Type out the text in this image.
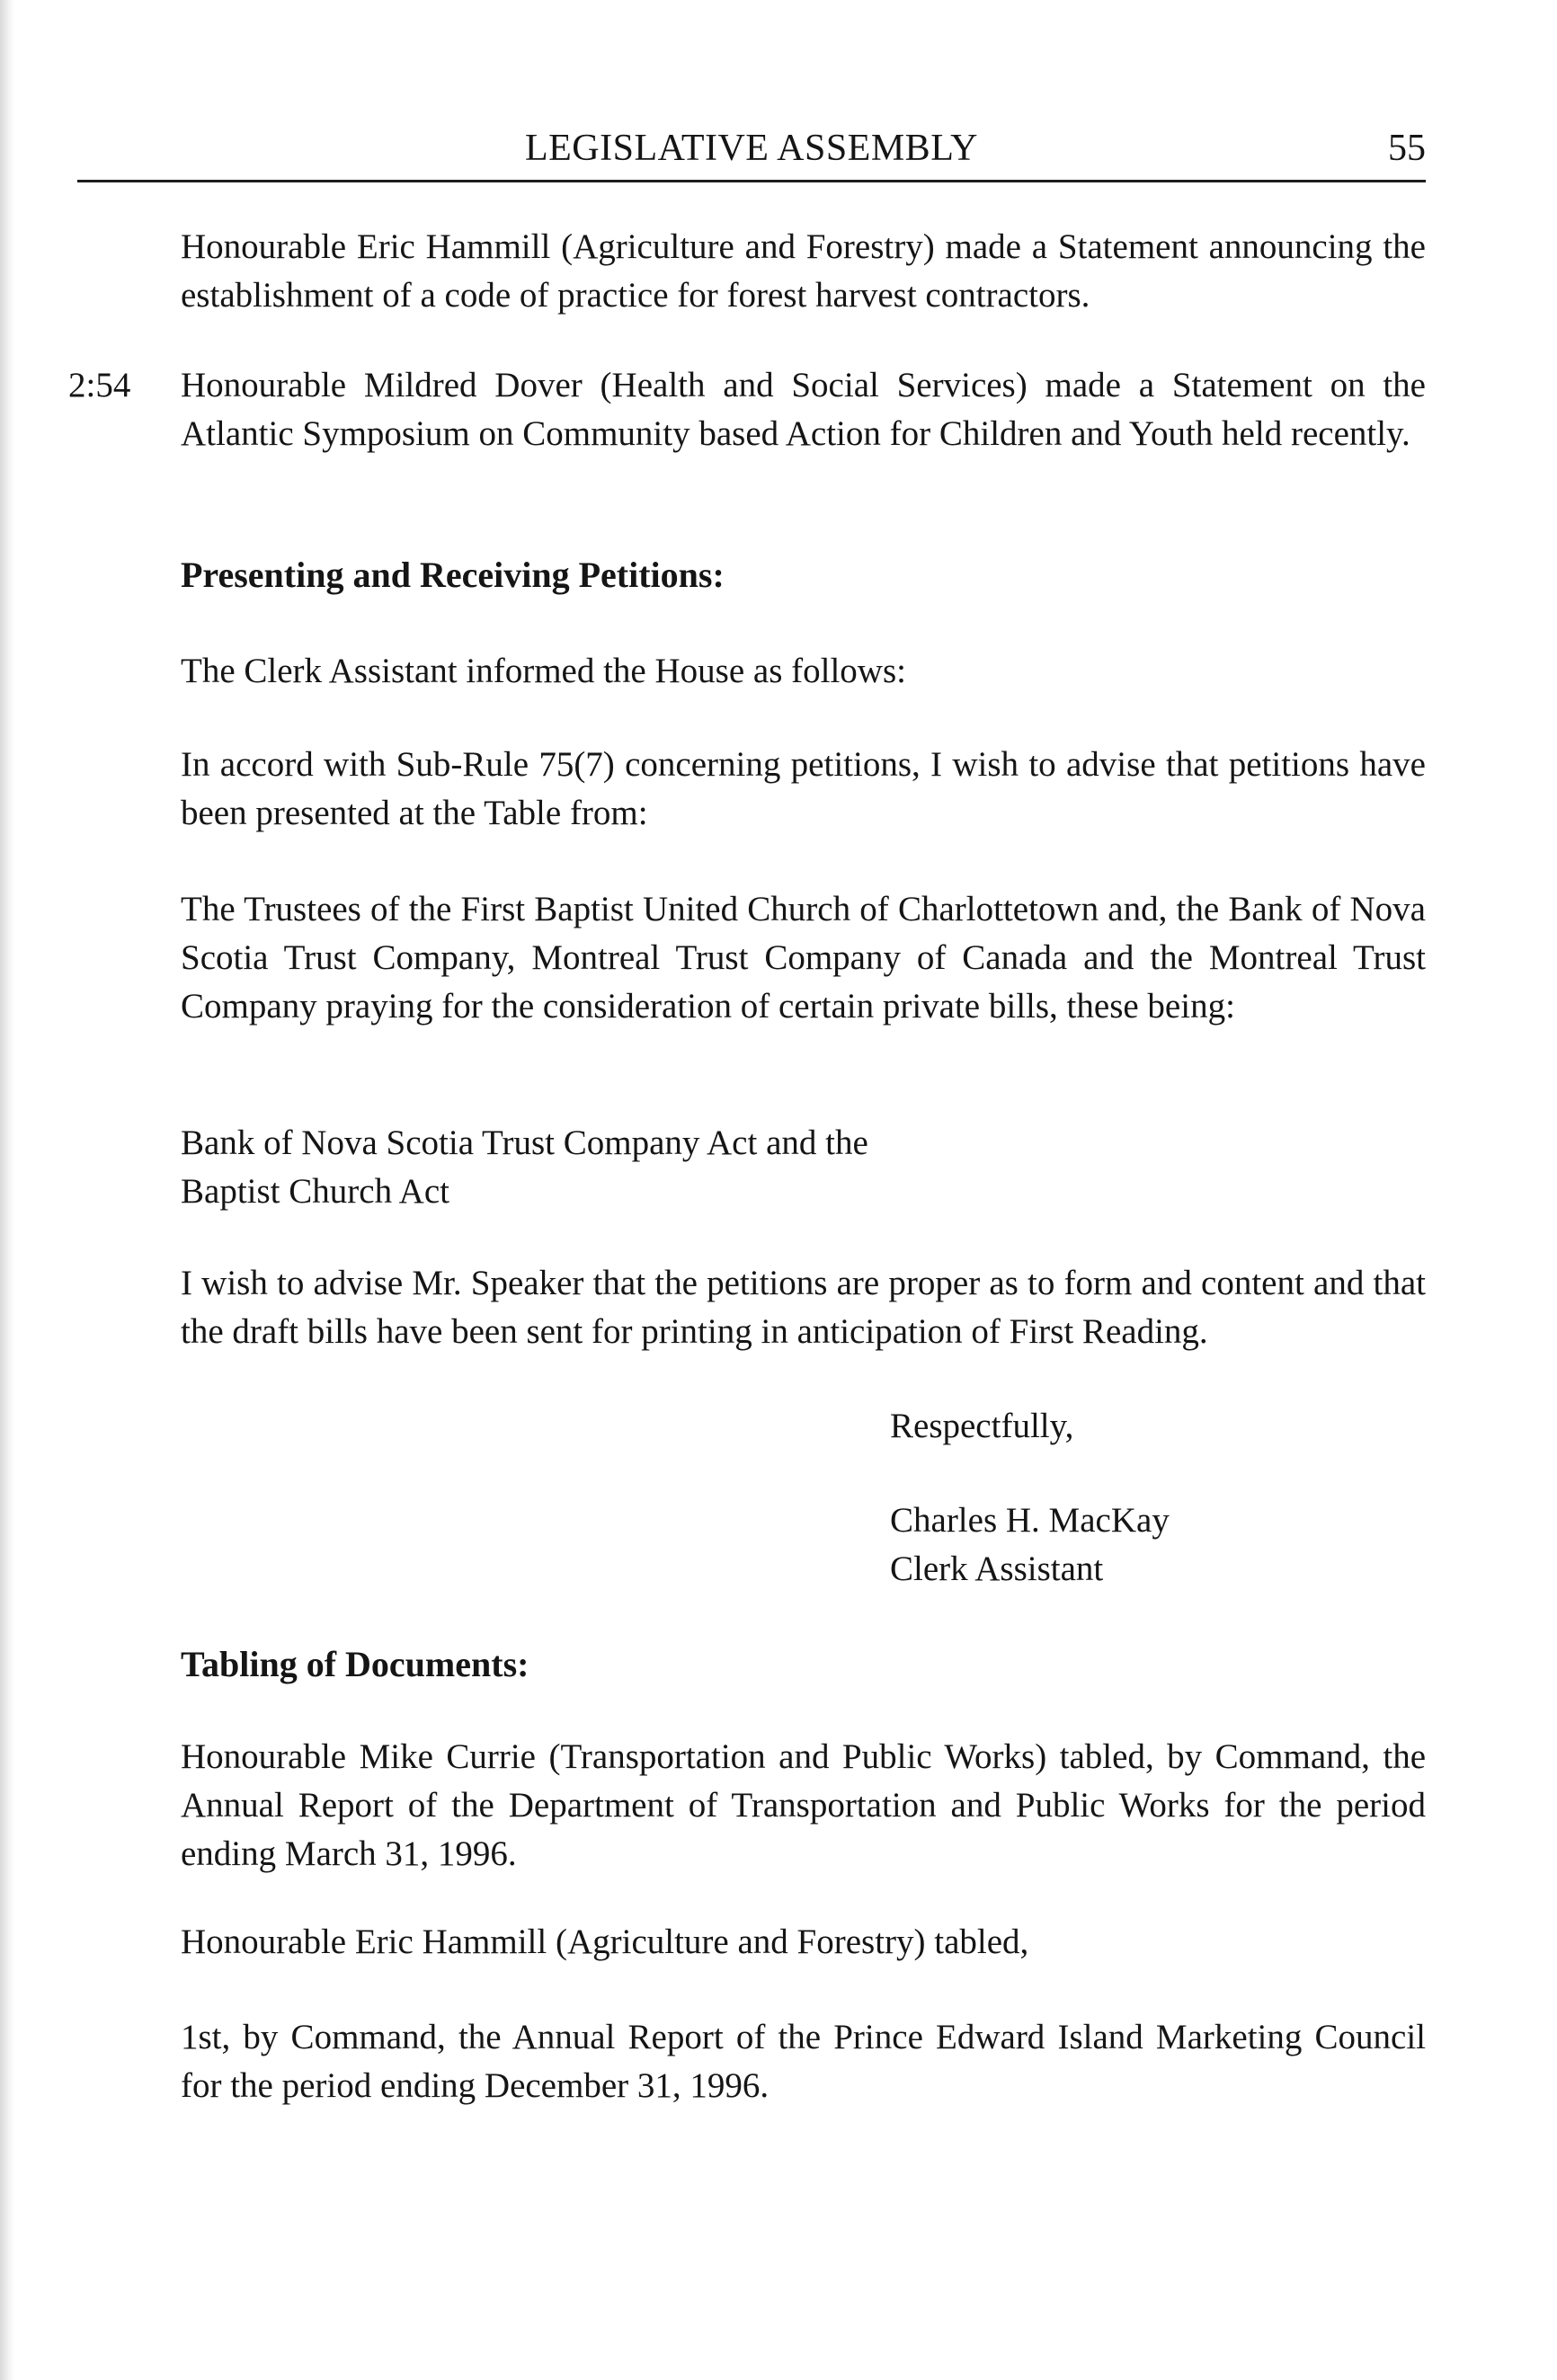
LEGISLATIVE ASSEMBLY	55
Honourable Eric Hammill (Agriculture and Forestry) made a Statement announcing the establishment of a code of practice for forest harvest contractors.
2:54 Honourable Mildred Dover (Health and Social Services) made a Statement on the Atlantic Symposium on Community based Action for Children and Youth held recently.
Presenting and Receiving Petitions:
The Clerk Assistant informed the House as follows:
In accord with Sub-Rule 75(7) concerning petitions, I wish to advise that petitions have been presented at the Table from:
The Trustees of the First Baptist United Church of Charlottetown and, the Bank of Nova Scotia Trust Company, Montreal Trust Company of Canada and the Montreal Trust Company praying for the consideration of certain private bills, these being:
Bank of Nova Scotia Trust Company Act and the
Baptist Church Act
I wish to advise Mr. Speaker that the petitions are proper as to form and content and that the draft bills have been sent for printing in anticipation of First Reading.
Respectfully,
Charles H. MacKay
Clerk Assistant
Tabling of Documents:
Honourable Mike Currie (Transportation and Public Works) tabled, by Command, the Annual Report of the Department of Transportation and Public Works for the period ending March 31, 1996.
Honourable Eric Hammill (Agriculture and Forestry) tabled,
1st, by Command, the Annual Report of the Prince Edward Island Marketing Council for the period ending December 31, 1996.
